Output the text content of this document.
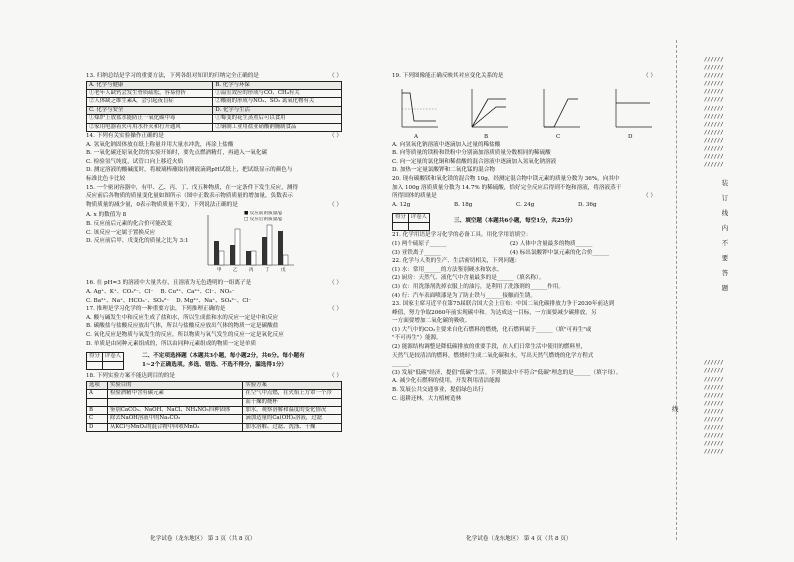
13. 归纳总结是学习的重要方法，下列各组对知识的归纳完全正确的是	（ ）

A. 化学与健康	B. 化学与环保
①老年人缺钙会发生骨质疏松，容易骨折	①温室效应的形成与CO、CH₄有关
②人体缺乏维生素A，会引起夜盲症	②酸雨的形成与NO₂、SO₂ 氮氧化物有关
C. 化学与安全	D. 化学与生活
①煤炉上放盆水能防止一氧化碳中毒	①霉变的花生蒸煮后可以食用
②家用电器着火可用水扑灭和打开通风	②铜制工业用盐亚硝酸钠腌制食品

14. 下列有关实验操作正确的是	（ ）

A. 氢氧化钠固体放在纸上称量并用大量水冲洗，再涂上盐酸

B. 一氧化碳还原氧化铁的实验开始时，要先点燃酒精灯，再通入一氧化碳

C. 检验氢气纯度，试管口向上移近火焰

D. 测定溶液的酸碱度时，将玻璃棒蘸取待测液滴到pH试纸上，把试纸显示的颜色与

标准比色卡比较

15. 一个密闭容器中，有甲、乙、丙、丁、戊五种物质，在一定条件下发生反应，测得

反应前后各物质的质量变化量如图所示（图中正数表示物质质量的增加量，负数表示

物质质量的减少量，0表示物质质量不变），下列说法正确的是	（ ）

A. x 的数值为 8

B. 反应前后元素的化合价可能改变

C. 该反应一定属于置换反应

D. 反应前后甲、戊变化的质量之比为 3:1

■ 反应前的质量/g

□ 反应后的质量/g

甲	乙	丙	丁	戊

16. 在 pH=3 的溶液中大量共存，且溶液为无色透明的一组离子是	（ ）

A. Ag⁺、K⁺、CO₃²⁻、Cl⁻ B. Cu²⁺、Ca²⁺、Cl⁻、NO₃⁻

C. Ba²⁺、Na⁺、HCO₃⁻、SO₄²⁻ D. Mg²⁺、Na⁺、SO₄²⁻、Cl⁻

17. 推理是学习化学的一种重要方法，下列推理正确的是	（ ）

A. 酸与碱发生中和反应生成了盐和水，所以生成盐和水的反应一定是中和反应

B. 碳酸盐与盐酸反应放出气体，所以与盐酸反应放出气体的物质一定是碳酸盐

C. 氧化反应是物质与氧发生的反应，所以物质与氧气发生的反应一定是氧化反应

D. 单质是由同种元素组成的，所以由同种元素组成的物质一定是单质

得分	评卷人
		二、不定项选择题（本题共3小题，每小题2分，共6分。每小题有

1~2个正确选项。多选、错选、不选不得分，漏选得1分）

18. 下列实验方案不能达到目的的是	（ ）

选项	实验目的	实验方案
A	检验酒精中含有碳元素	在空气中点燃，在火焰上方罩一个冷
		而干燥的烧杯
B	鉴别CaCO₃、NaOH、NaCl、NH₄NO₃四种固体	加水，观察溶解和温度的变化情况
C	除去NaOH溶液中的Na₂CO₃	滴加适量的Ca(OH)₂溶液，过滤
D	从KCl与MnO₂的混合物中回收MnO₂	加水溶解、过滤、洗涤、干燥
化学试卷（龙东地区） 第 3 页（共 8 页）

19. 下列图像能正确反映其对应变化关系的是	（ ）

A	B	C	D

A. 向氢氧化钠溶液中逐滴加入过量的稀盐酸

B. 向等质量的镁粉和铁粉中分别滴加溶质质量分数相同的稀硫酸

C. 向一定量的氯化铜和稀盐酸的混合溶液中逐滴加入氢氧化钠溶液

D. 加热一定量氯酸钾和二氧化锰的混合物

20. 现有碳酸镁和氧化镁的混合物 10g，经测定混合物中镁元素的质量分数为 36%，向其中

加入 100g 溶质质量分数为 14.7% 的稀硫酸，恰好完全反应后得到不饱和溶液，将溶液蒸干

所得固体的质量是	（ ）

A. 12g	B. 18g	C. 24g	D. 36g

得分	评卷人

三、填空题（本题共6小题，每空1分，共25分）

21. 化学用语是学习化学的必备工具。用化学用语填空：

(1) 两个硫原子______	(2) 人体中含量最多的物质______

(3) 亚铁离子______	(4) 标出氯酸钾中氯元素的化合价______

22. 化学与人类的生产、生活密切相关，下列问题：

(1) 水：常用______的方法鉴别硬水和软水。

(2) 厨房：天然气、液化气中含量最多的是______（填名称）。

(3) 衣：用洗涤剂洗掉衣服上的油污，是利用了洗涤剂的______作用。

(4) 行：汽车表面喷漆是为了防止铁与______接触而生锈。

23. 国家主席习近平在第75届联合国大会上宣布：中国二氧化碳排放力争于2030年前达到

峰值，努力争取2060年前实现碳中和。为达成这一目标，一方面要减少碳排放，另

一方面要增加二氧化碳的吸收。

(1) 大气中的CO₂主要来自化石燃料的燃烧，化石燃料属于______（填"可再生"或

"不可再生"）能源。

(2) 能源结构调整是降低碳排放的重要手段，在人们日常生活中使用的燃料里，

天然气是较清洁的燃料，燃烧时生成二氧化碳和水，写出天然气燃烧的化学方程式

______。

(3) 发展"低碳"经济，提倡"低碳"生活。下列做法中不符合"低碳"理念的是______（填字母）。

A. 减少化石燃料的使用，开发利用清洁能源

B. 发展公共交通事业，提倡绿色出行

C. 退耕还林，大力植树造林

化学试卷（龙东地区） 第 4 页（共 8 页）

//////

//////

//////

//////

//////

//////

//////

//////

//////

//////

//////

//////

//////

//////

//////

//////

//////

//////

//////

//////

//////

//////

//////

//////

//////

//////

装
订
线
内
不
要
答
题
线
